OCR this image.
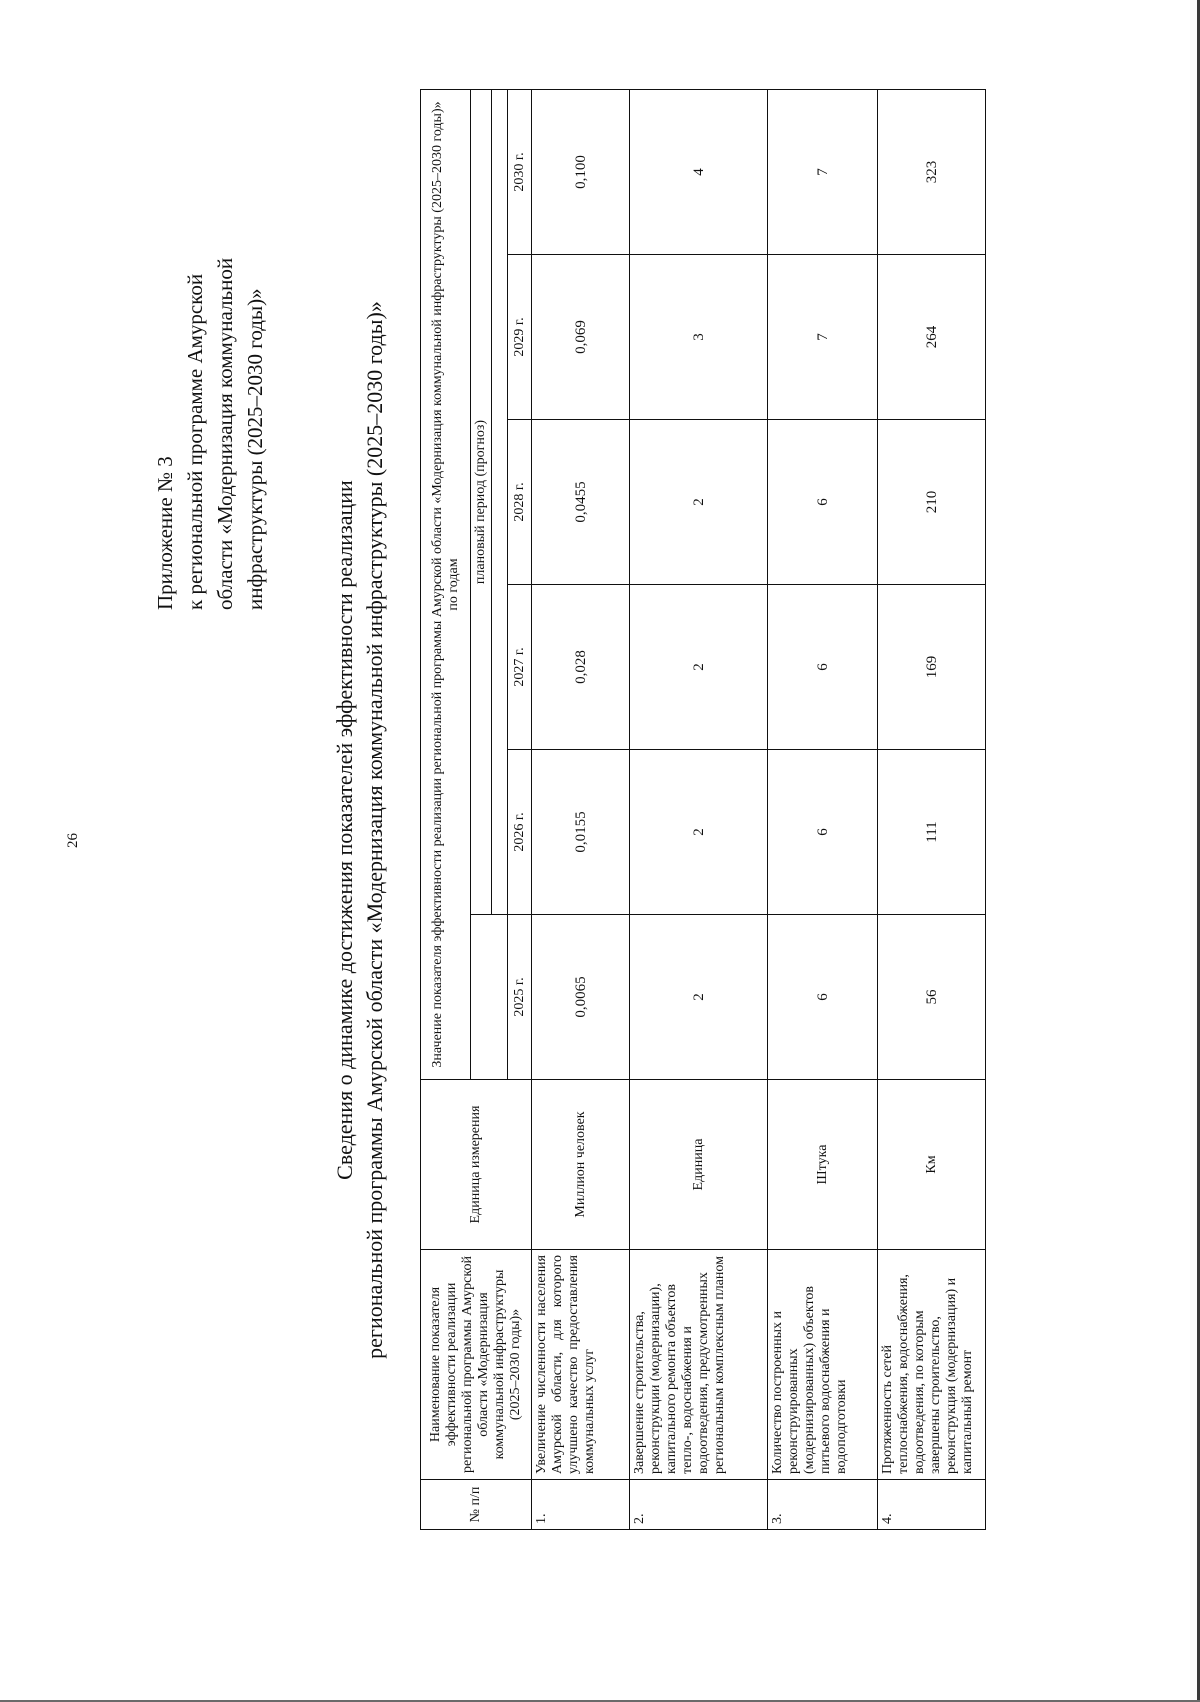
26
Приложение № 3 к региональной программе Амурской области «Модернизация коммунальной инфраструктуры (2025–2030 годы)»
Сведения о динамике достижения показателей эффективности реализации региональной программы Амурской области «Модернизация коммунальной инфраструктуры (2025–2030 годы)»
№ п/п	Наименование показателя эффективности реализации региональной программы Амурской области «Модернизация коммунальной инфраструктуры (2025–2030 годы)»	Единица измерения	Значение показателя эффективности реализации региональной программы Амурской области «Модернизация коммунальной инфраструктуры (2025–2030 годы)» по годам					
				плановый период (прогноз)				

			2025 г.	2026 г.	2027 г.	2028 г.	2029 г.	2030 г.
1.	Увеличение численности населения Амурской области, для которого улучшено качество предоставления коммунальных услуг	Миллион человек	0,0065	0,0155	0,028	0,0455	0,069	0,100
2.	Завершение строительства, реконструкции (модернизации), капитального ремонта объектов тепло-, водоснабжения и водоотведения, предусмотренных региональным комплексным планом	Единица	2	2	2	2	3	4
3.	Количество построенных и реконструированных (модернизированных) объектов питьевого водоснабжения и водоподготовки	Штука	6	6	6	6	7	7
4.	Протяженность сетей теплоснабжения, водоснабжения, водоотведения, по которым завершены строительство, реконструкция (модернизация) и капитальный ремонт	Км	56	111	169	210	264	323
